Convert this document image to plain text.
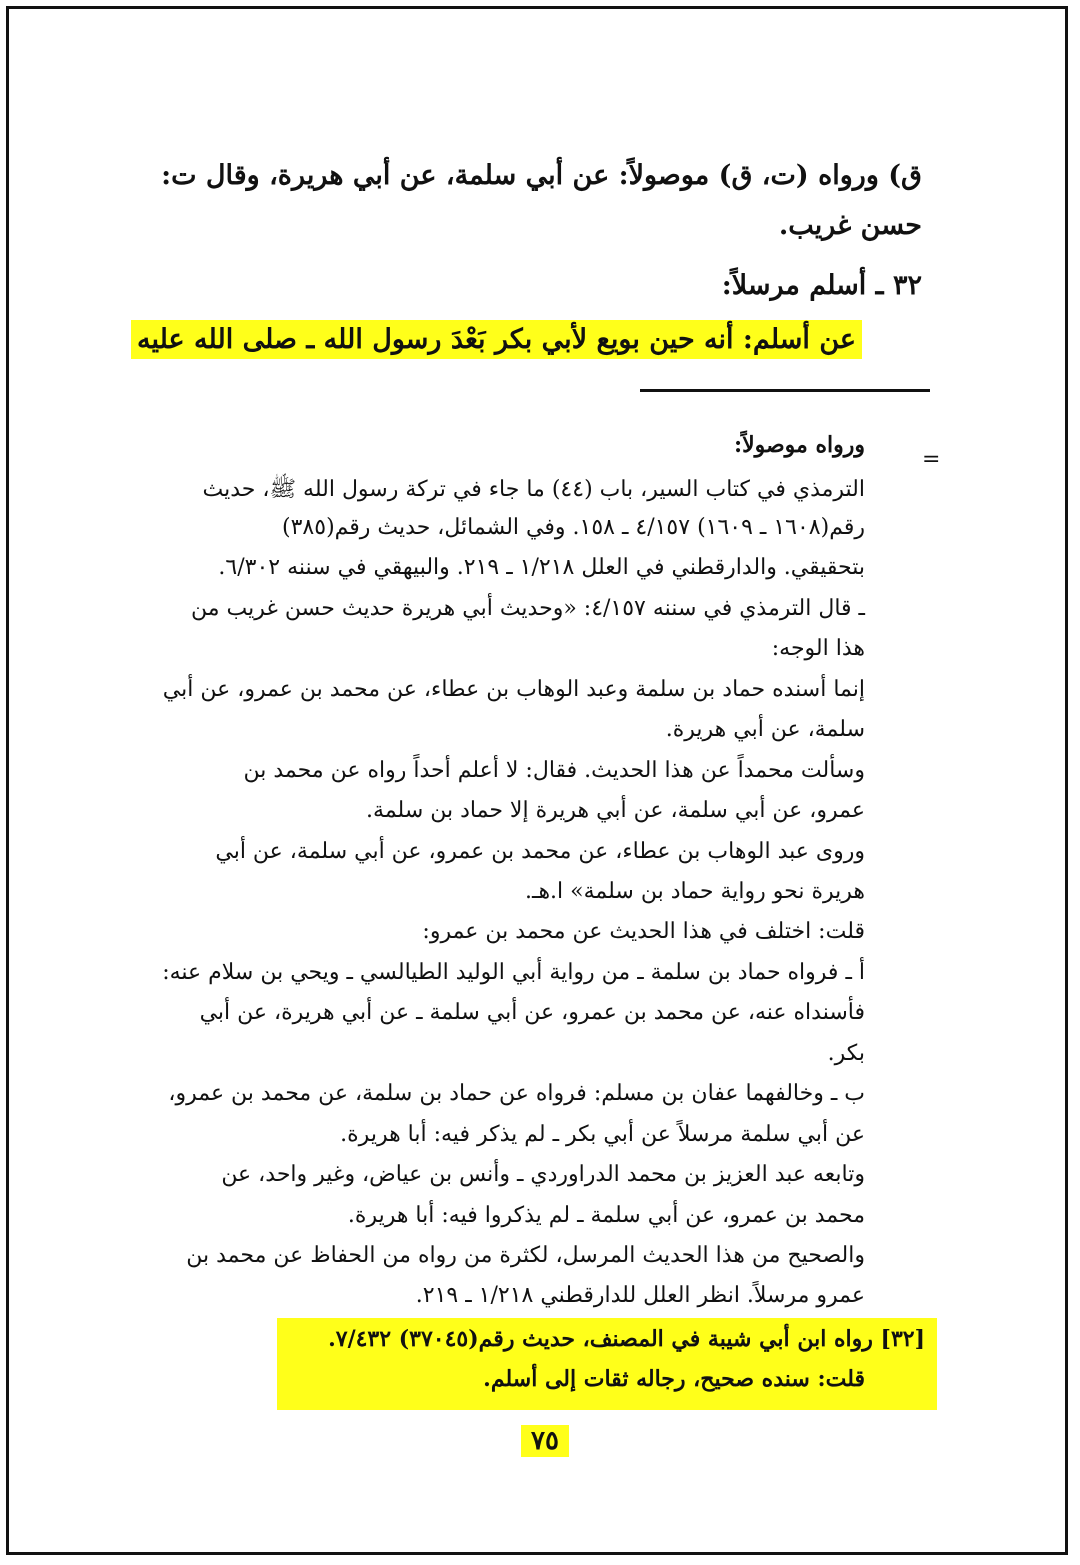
ق) ورواه (ت، ق) موصولاً: عن أبي سلمة، عن أبي هريرة، وقال ت:
حسن غريب.
٣٢ ـ أسلم مرسلاً:
عن أسلم: أنه حين بويع لأبي بكر بَعْدَ رسول الله ـ صلى الله عليه
=
ورواه موصولاً:
الترمذي في كتاب السير، باب (٤٤) ما جاء في تركة رسول الله ﷺ، حديث
رقم(١٦٠٨ ـ ١٦٠٩) ٤/١٥٧ ـ ١٥٨. وفي الشمائل، حديث رقم(٣٨٥)
بتحقيقي. والدارقطني في العلل ١/٢١٨ ـ ٢١٩. والبيهقي في سننه ٦/٣٠٢.
ـ قال الترمذي في سننه ٤/١٥٧: «وحديث أبي هريرة حديث حسن غريب من
هذا الوجه:
إنما أسنده حماد بن سلمة وعبد الوهاب بن عطاء، عن محمد بن عمرو، عن أبي
سلمة، عن أبي هريرة.
وسألت محمداً عن هذا الحديث. فقال: لا أعلم أحداً رواه عن محمد بن
عمرو، عن أبي سلمة، عن أبي هريرة إلا حماد بن سلمة.
وروى عبد الوهاب بن عطاء، عن محمد بن عمرو، عن أبي سلمة، عن أبي
هريرة نحو رواية حماد بن سلمة» ا.هـ.
قلت: اختلف في هذا الحديث عن محمد بن عمرو:
أ ـ فرواه حماد بن سلمة ـ من رواية أبي الوليد الطيالسي ـ ويحي بن سلام عنه:
فأسنداه عنه، عن محمد بن عمرو، عن أبي سلمة ـ عن أبي هريرة، عن أبي
بكر.
ب ـ وخالفهما عفان بن مسلم: فرواه عن حماد بن سلمة، عن محمد بن عمرو،
عن أبي سلمة مرسلاً عن أبي بكر ـ لم يذكر فيه: أبا هريرة.
وتابعه عبد العزيز بن محمد الدراوردي ـ وأنس بن عياض، وغير واحد، عن
محمد بن عمرو، عن أبي سلمة ـ لم يذكروا فيه: أبا هريرة.
والصحيح من هذا الحديث المرسل، لكثرة من رواه من الحفاظ عن محمد بن
عمرو مرسلاً. انظر العلل للدارقطني ١/٢١٨ ـ ٢١٩.
[٣٢] رواه ابن أبي شيبة في المصنف، حديث رقم(٣٧٠٤٥) ٧/٤٣٢.
قلت: سنده صحيح، رجاله ثقات إلى أسلم.
٧٥
